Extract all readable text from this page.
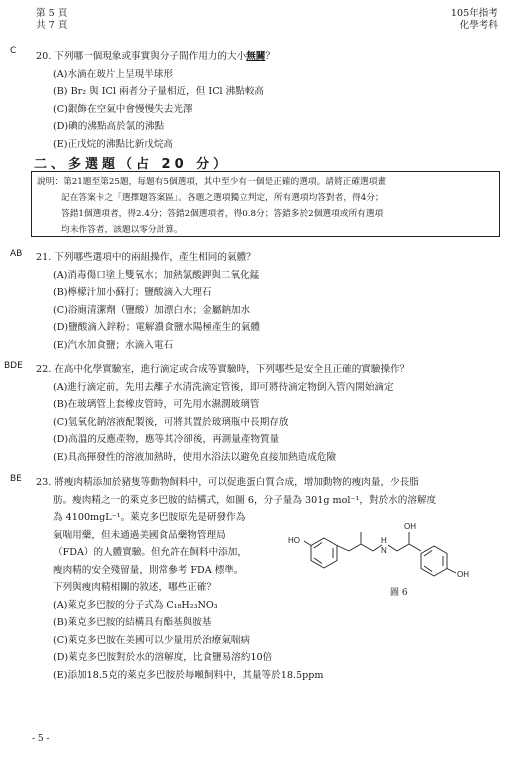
第 5 頁
共 7 頁
105年指考
化學考科
C 20. 下列哪一個現象或事實與分子間作用力的大小無關？
(A)水滴在玻片上呈現半球形
(B) Br₂ 與 ICl 兩者分子量相近，但 ICl 沸點較高
(C)銀飾在空氣中會慢慢失去光澤
(D)碘的沸點高於氯的沸點
(E)正戊烷的沸點比新戊烷高
二、多選題（占 20 分）
說明：第21題至第25題，每題有5個選項，其中至少有一個是正確的選項。請將正確選項畫
記在答案卡之「選擇題答案區」。各題之選項獨立判定，所有選項均答對者，得4分；
答錯1個選項者，得2.4分；答錯2個選項者，得0.8分；答錯多於2個選項或所有選項
均未作答者，該題以零分計算。
AB 21. 下列哪些選項中的兩組操作，產生相同的氣體？
(A)消毒傷口塗上雙氧水；加熱氯酸鉀與二氧化錳
(B)檸檬汁加小蘇打；鹽酸滴入大理石
(C)浴廁清潔劑（鹽酸）加漂白水；金屬鈉加水
(D)鹽酸滴入鋅粉；電解濃食鹽水陽極產生的氣體
(E)汽水加食鹽；水滴入電石
BDE 22. 在高中化學實驗室，進行滴定或合成等實驗時，下列哪些是安全且正確的實驗操作？
(A)進行滴定前，先用去離子水清洗滴定管後，即可將待滴定物倒入管內開始滴定
(B)在玻璃管上套橡皮管時，可先用水濕潤玻璃管
(C)氫氧化鈉溶液配製後，可將其置於玻璃瓶中長期存放
(D)高溫的反應產物，應等其冷卻後，再測量產物質量
(E)具高揮發性的溶液加熱時，使用水浴法以避免直接加熱造成危險
BE 23. 將瘦肉精添加於豬隻等動物飼料中，可以促進蛋白質合成，增加動物的瘦肉量，少長脂
肪。瘦肉精之一的萊克多巴胺的結構式，如圖 6，分子量為 301g mol⁻¹，對於水的溶解度
為 4100mgL⁻¹。萊克多巴胺原先是研發作為
氣喘用藥，但未通過美國食品藥物管理局
（FDA）的人體實驗。但允許在飼料中添加，
瘦肉精的安全殘留量，則常參考 FDA 標準。
下列與瘦肉精相關的敘述，哪些正確？
(A)萊克多巴胺的分子式為 C₁₈H₂₃NO₃
(B)萊克多巴胺的結構具有酯基與胺基
(C)萊克多巴胺在美國可以少量用於治療氣喘病
(D)萊克多巴胺對於水的溶解度，比食鹽易溶約10倍
(E)添加18.5克的萊克多巴胺於每噸飼料中，其量等於18.5ppm
HO	H
N
OH
OH
圖 6
- 5 -
